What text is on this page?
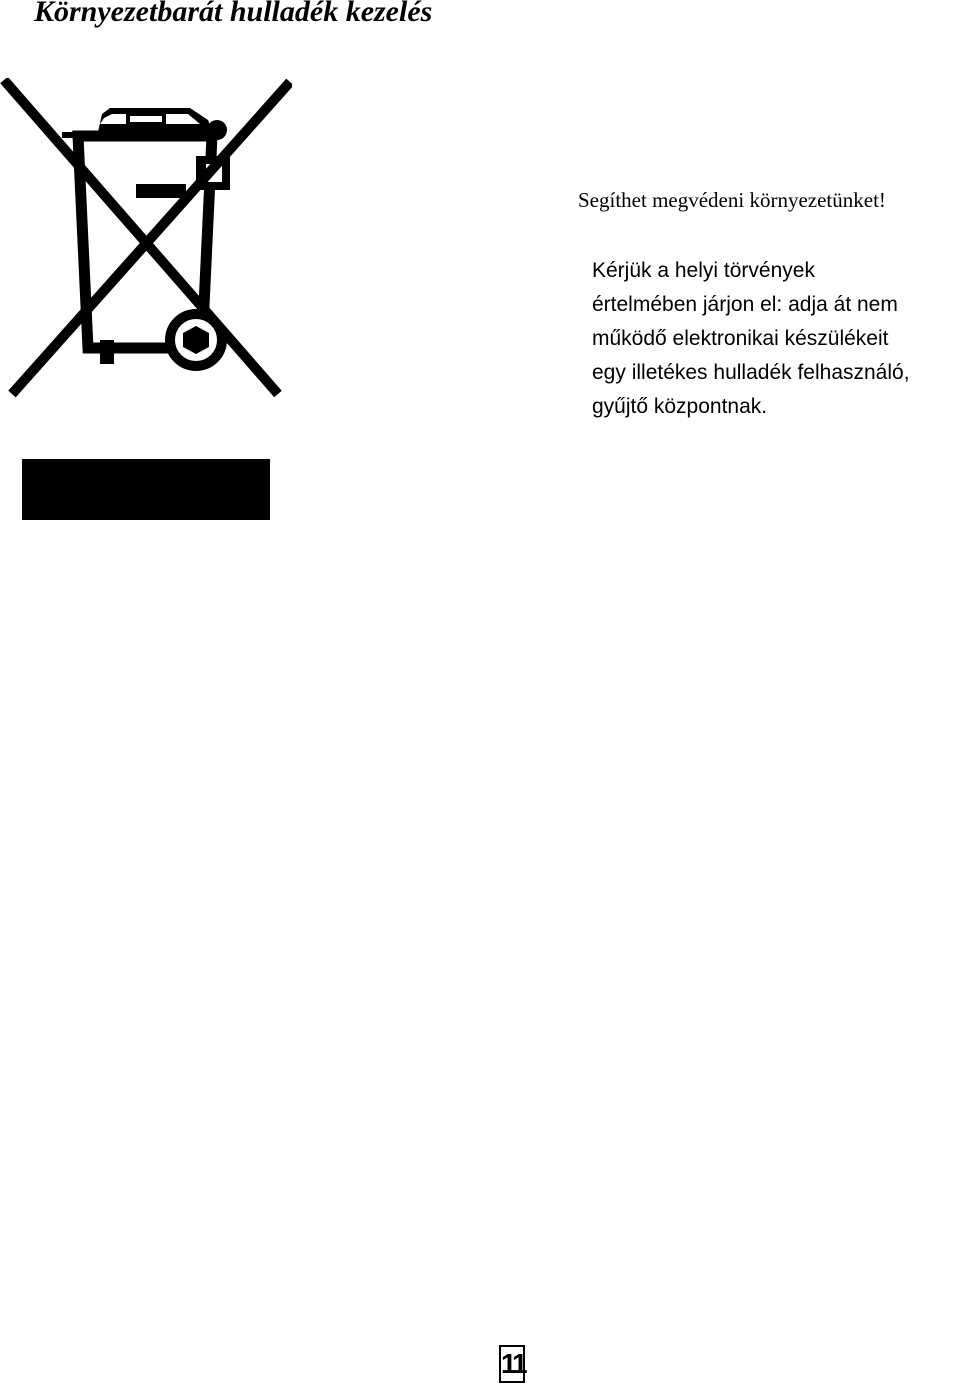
Környezetbarát hulladék kezelés

Segíthet megvédeni környezetünket!

Kérjük a helyi törvények
értelmében járjon el: adja át nem
működő elektronikai készülékeit
egy illetékes hulladék felhasználó,
gyűjtő központnak.

11
